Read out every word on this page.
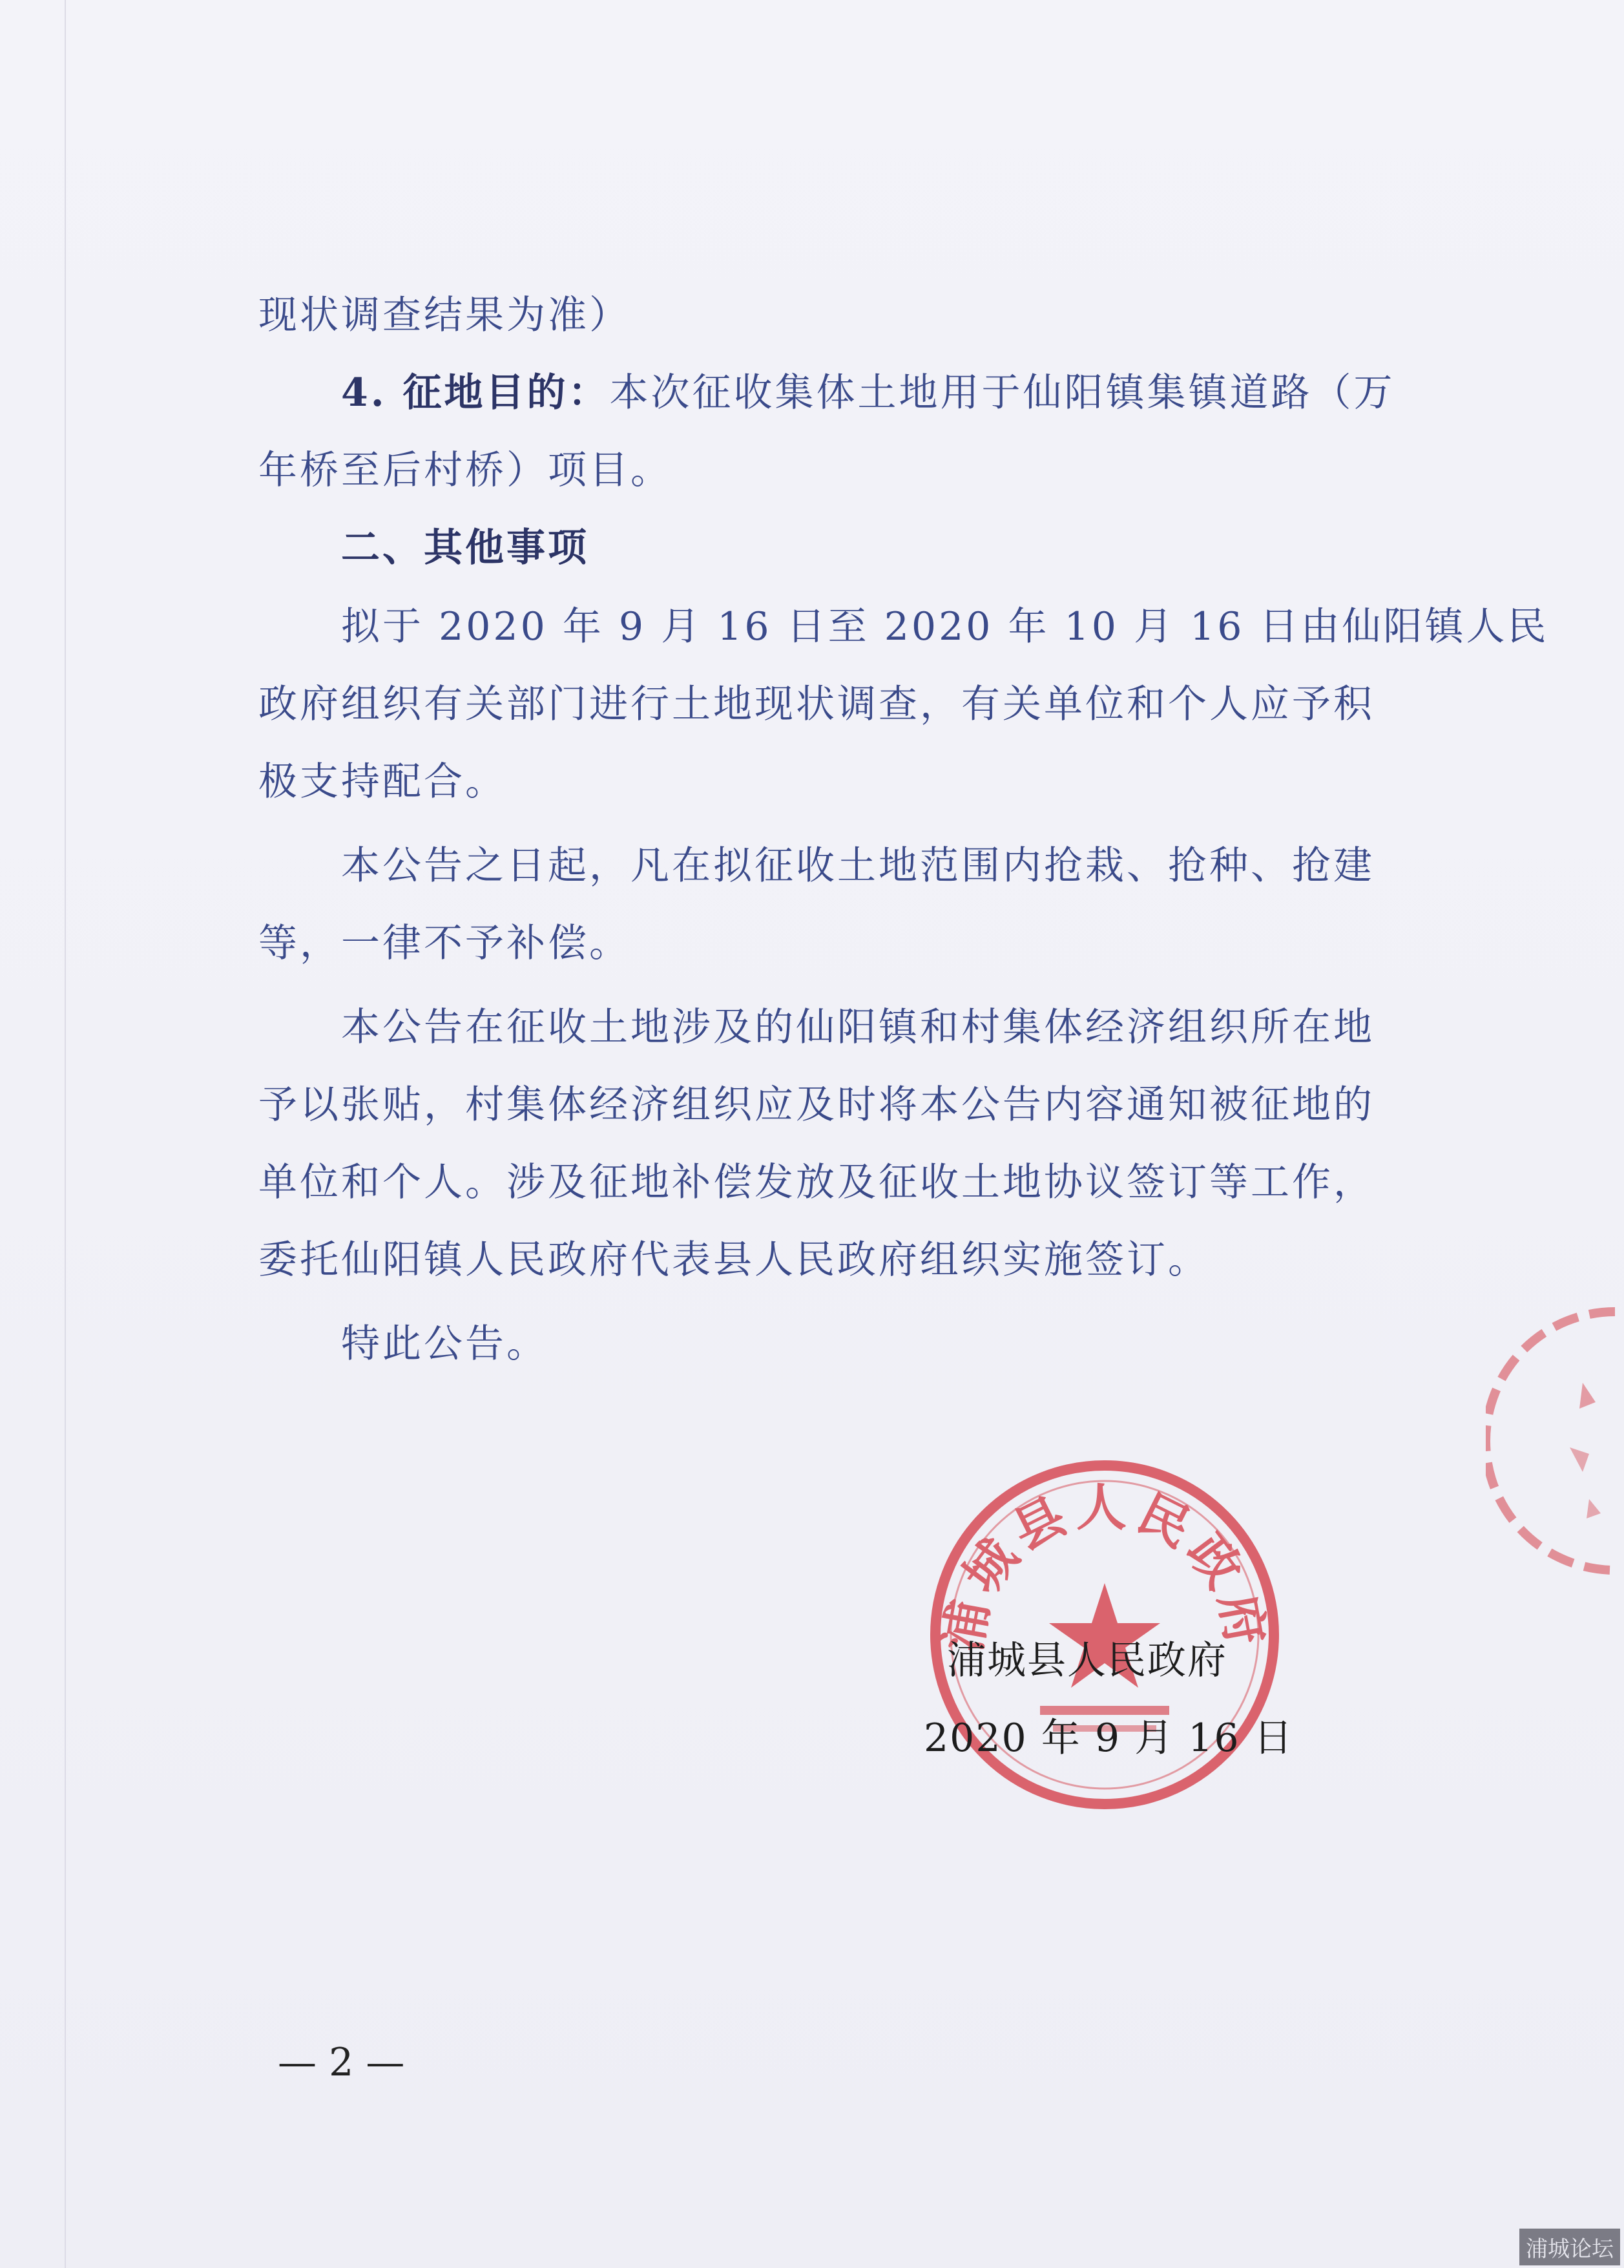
现状调查结果为准）
4. 征地目的：本次征收集体土地用于仙阳镇集镇道路（万
年桥至后村桥）项目。
二、其他事项
拟于 2020 年 9 月 16 日至 2020 年 10 月 16 日由仙阳镇人民
政府组织有关部门进行土地现状调查，有关单位和个人应予积
极支持配合。
本公告之日起，凡在拟征收土地范围内抢栽、抢种、抢建
等，一律不予补偿。
本公告在征收土地涉及的仙阳镇和村集体经济组织所在地
予以张贴，村集体经济组织应及时将本公告内容通知被征地的
单位和个人。涉及征地补偿发放及征收土地协议签订等工作，
委托仙阳镇人民政府代表县人民政府组织实施签订。
特此公告。
浦城县人民政府
浦城县人民政府
2020 年 9 月 16 日
— 2 —
浦城论坛
